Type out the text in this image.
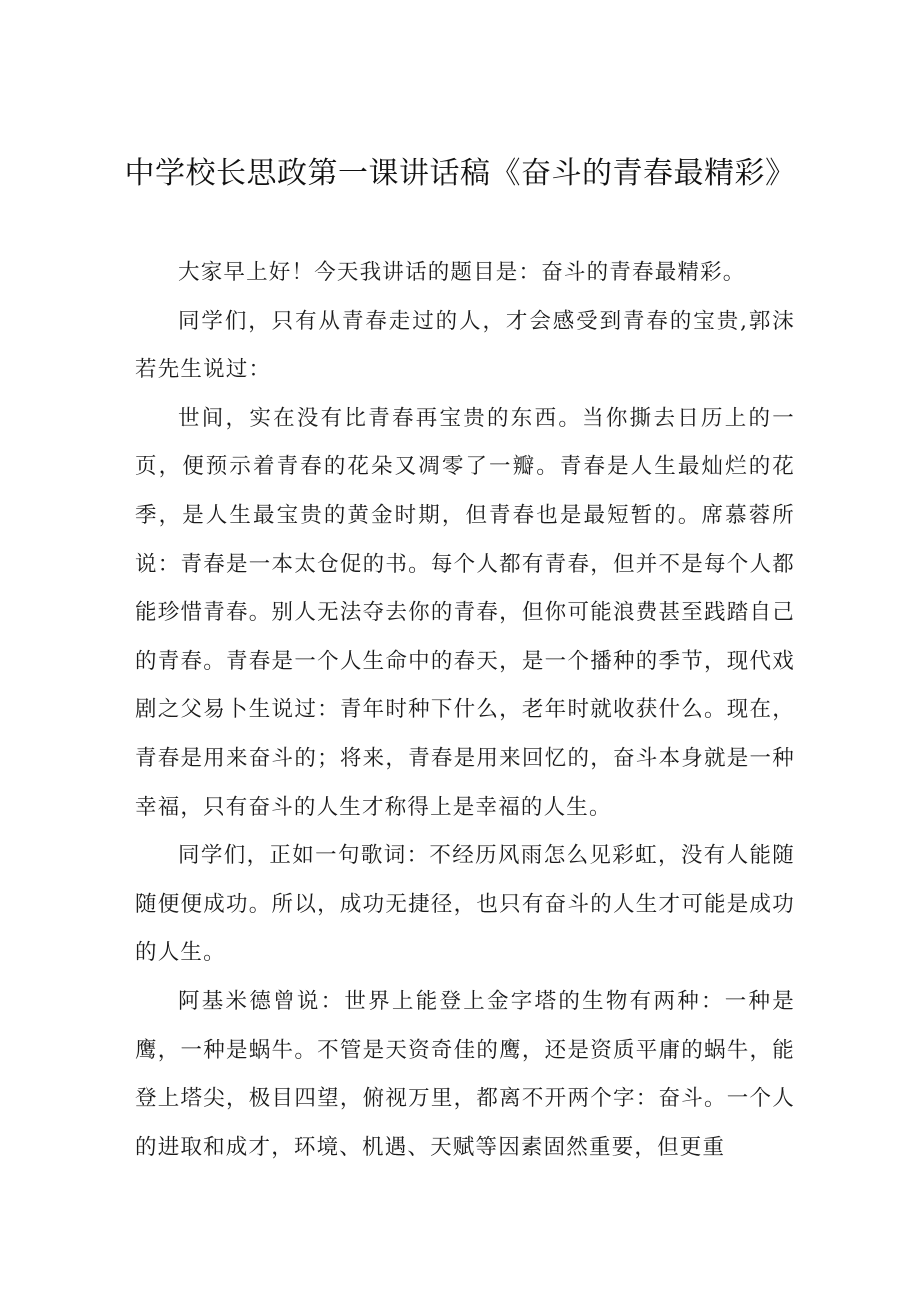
中学校长思政第一课讲话稿《奋斗的青春最精彩》

大家早上好！今天我讲话的题目是：奋斗的青春最精彩。

同学们，只有从青春走过的人，才会感受到青春的宝贵,郭沫若先生说过：

世间，实在没有比青春再宝贵的东西。当你撕去日历上的一页，便预示着青春的花朵又凋零了一瓣。青春是人生最灿烂的花季，是人生最宝贵的黄金时期，但青春也是最短暂的。席慕蓉所说：青春是一本太仓促的书。每个人都有青春，但并不是每个人都能珍惜青春。别人无法夺去你的青春，但你可能浪费甚至践踏自己的青春。青春是一个人生命中的春天，是一个播种的季节，现代戏剧之父易卜生说过：青年时种下什么，老年时就收获什么。现在，青春是用来奋斗的；将来，青春是用来回忆的，奋斗本身就是一种幸福，只有奋斗的人生才称得上是幸福的人生。

同学们，正如一句歌词：不经历风雨怎么见彩虹，没有人能随随便便成功。所以，成功无捷径，也只有奋斗的人生才可能是成功的人生。

阿基米德曾说：世界上能登上金字塔的生物有两种：一种是鹰，一种是蜗牛。不管是天资奇佳的鹰，还是资质平庸的蜗牛，能登上塔尖，极目四望，俯视万里，都离不开两个字：奋斗。一个人的进取和成才，环境、机遇、天赋等因素固然重要，但更重
